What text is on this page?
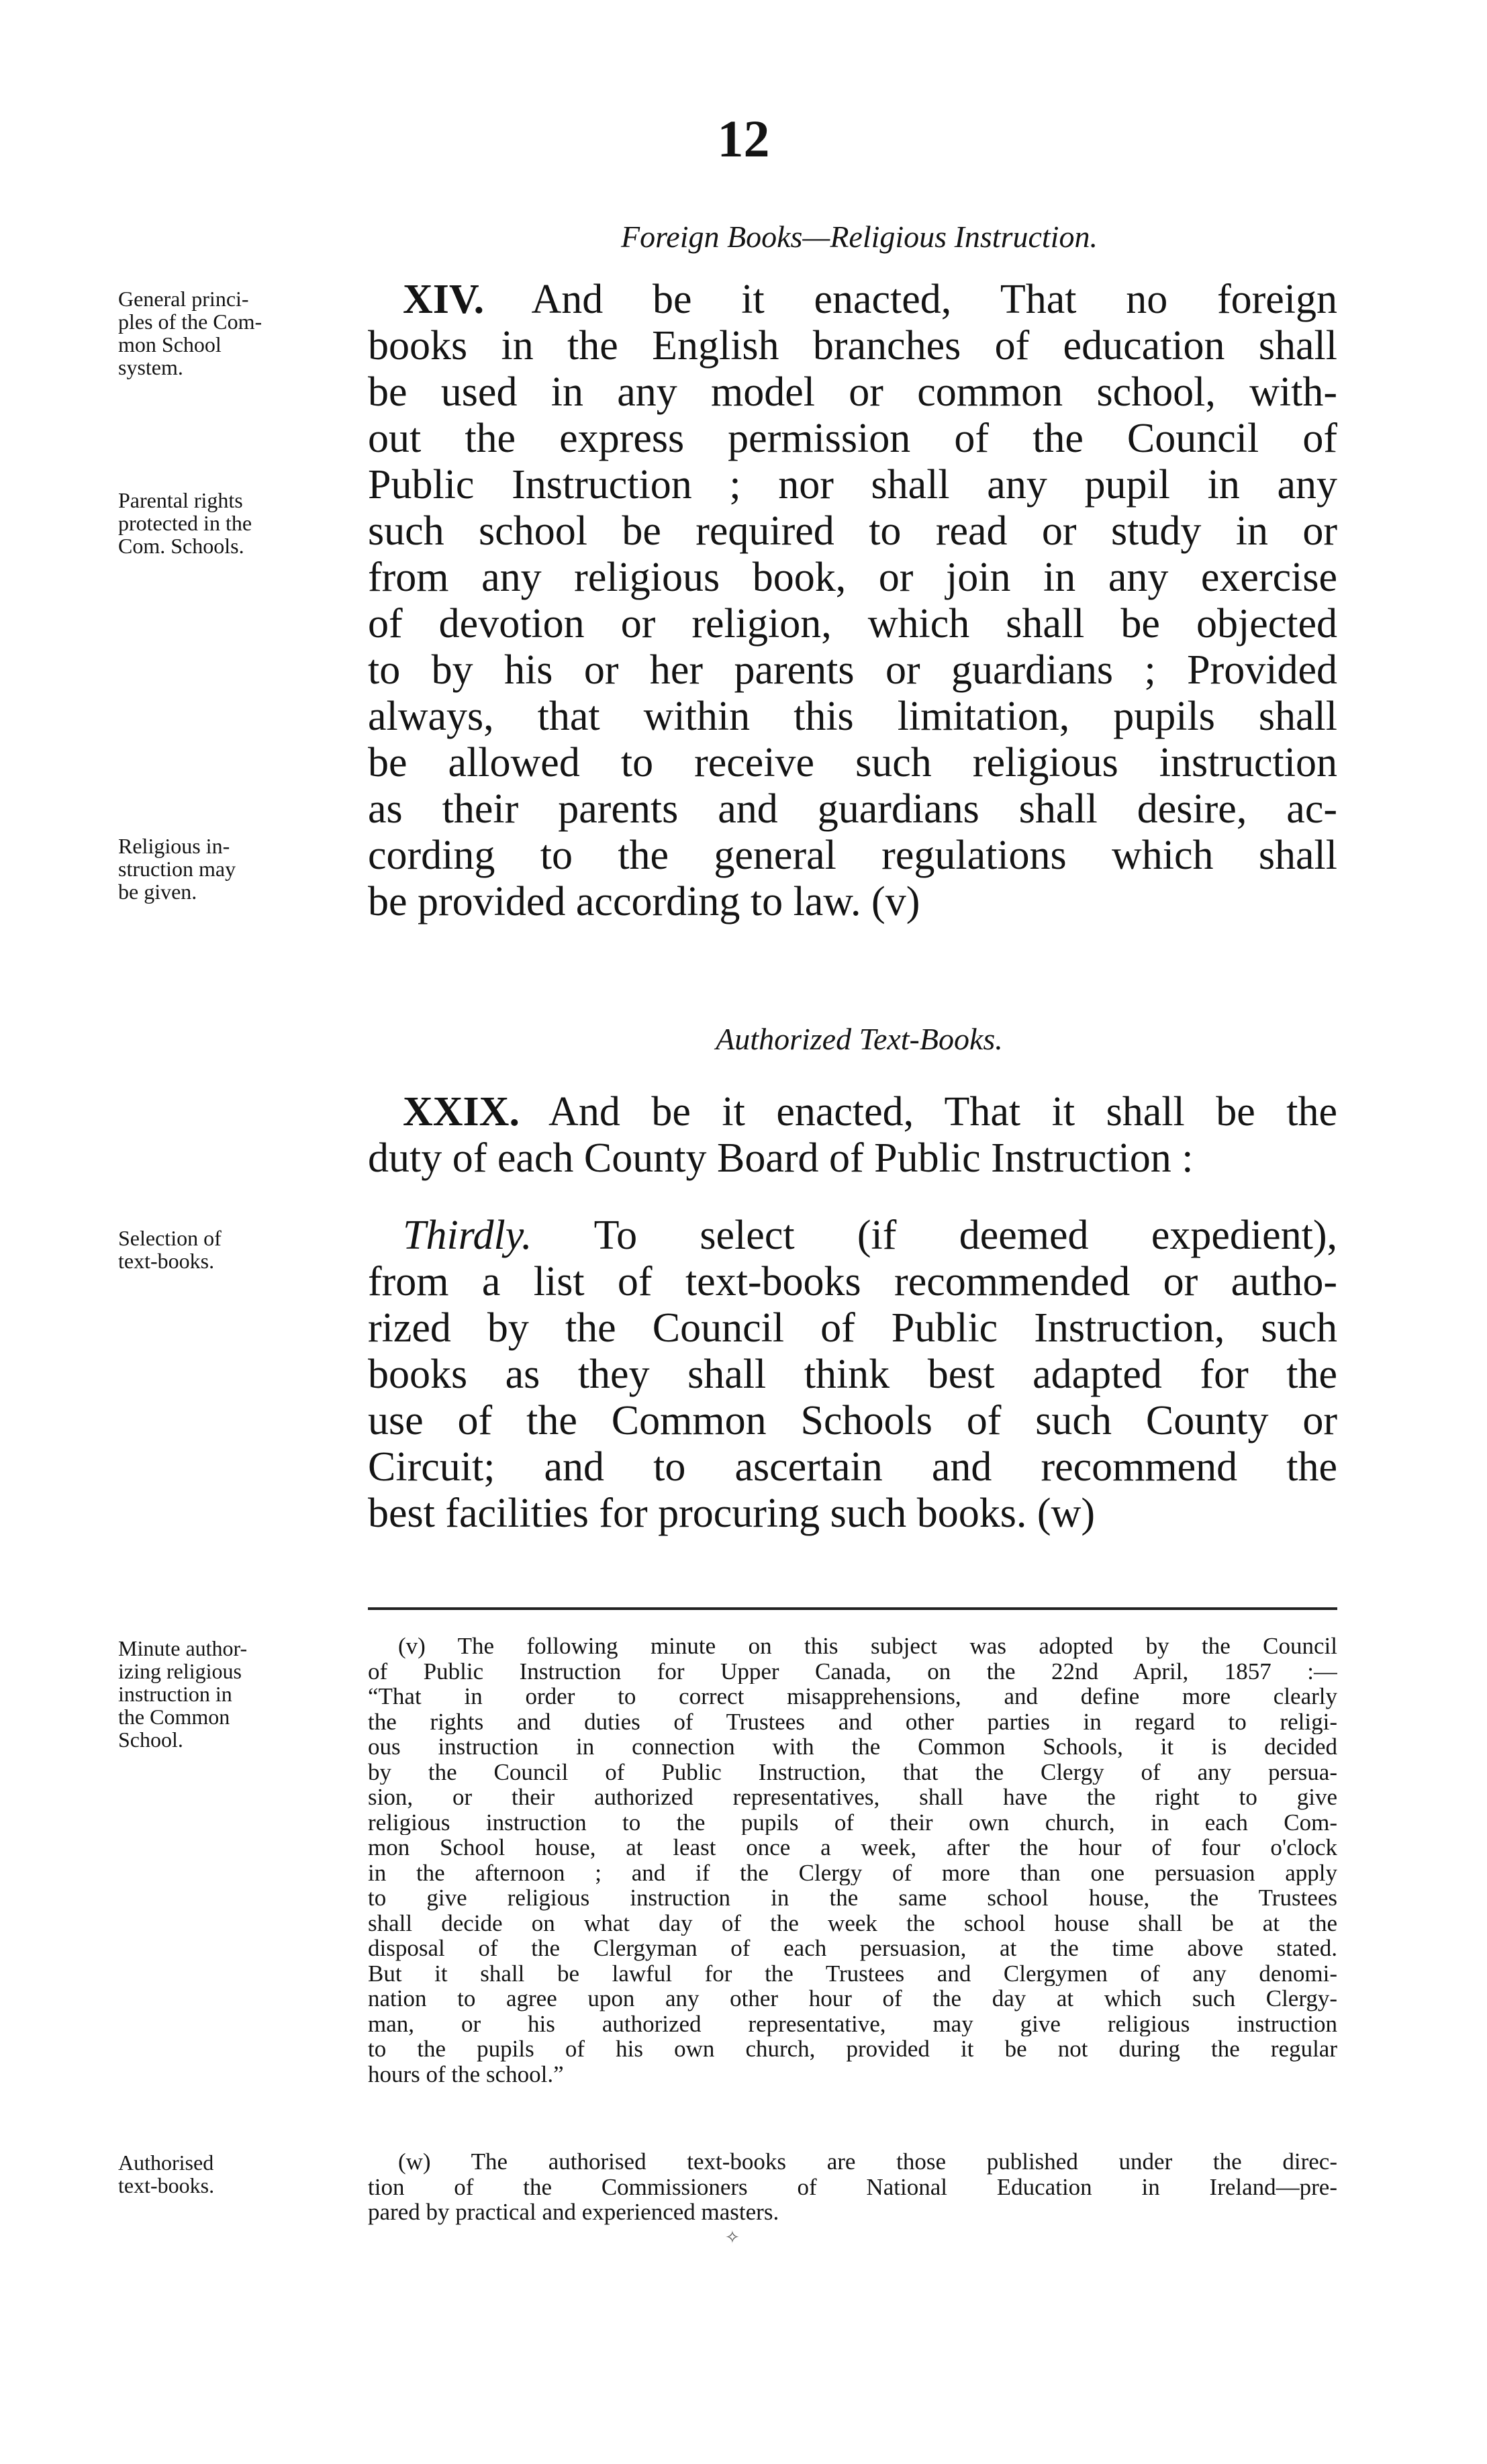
12
Foreign Books—Religious Instruction.
XIV. And be it enacted, That no foreign
books in the English branches of education shall
be used in any model or common school, with-
out the express permission of the Council of
Public Instruction ; nor shall any pupil in any
such school be required to read or study in or
from any religious book, or join in any exercise
of devotion or religion, which shall be objected
to by his or her parents or guardians ; Provided
always, that within this limitation, pupils shall
be allowed to receive such religious instruction
as their parents and guardians shall desire, ac-
cording to the general regulations which shall
be provided according to law. (v)
Authorized Text-Books.
XXIX. And be it enacted, That it shall be the
duty of each County Board of Public Instruction :
Thirdly. To select (if deemed expedient),
from a list of text-books recommended or autho-
rized by the Council of Public Instruction, such
books as they shall think best adapted for the
use of the Common Schools of such County or
Circuit; and to ascertain and recommend the
best facilities for procuring such books. (w)
General princi-
ples of the Com-
mon School
system.
Parental rights
protected in the
Com. Schools.
Religious in-
struction may
be given.
Selection of
text-books.
Minute author-
izing religious
instruction in
the Common
School.
Authorised
text-books.
(v) The following minute on this subject was adopted by the Council
of Public Instruction for Upper Canada, on the 22nd April, 1857 :—
“That in order to correct misapprehensions, and define more clearly
the rights and duties of Trustees and other parties in regard to religi-
ous instruction in connection with the Common Schools, it is decided
by the Council of Public Instruction, that the Clergy of any persua-
sion, or their authorized representatives, shall have the right to give
religious instruction to the pupils of their own church, in each Com-
mon School house, at least once a week, after the hour of four o'clock
in the afternoon ; and if the Clergy of more than one persuasion apply
to give religious instruction in the same school house, the Trustees
shall decide on what day of the week the school house shall be at the
disposal of the Clergyman of each persuasion, at the time above stated.
But it shall be lawful for the Trustees and Clergymen of any denomi-
nation to agree upon any other hour of the day at which such Clergy-
man, or his authorized representative, may give religious instruction
to the pupils of his own church, provided it be not during the regular
hours of the school.”
(w) The authorised text-books are those published under the direc-
tion of the Commissioners of National Education in Ireland—pre-
pared by practical and experienced masters.
✧
